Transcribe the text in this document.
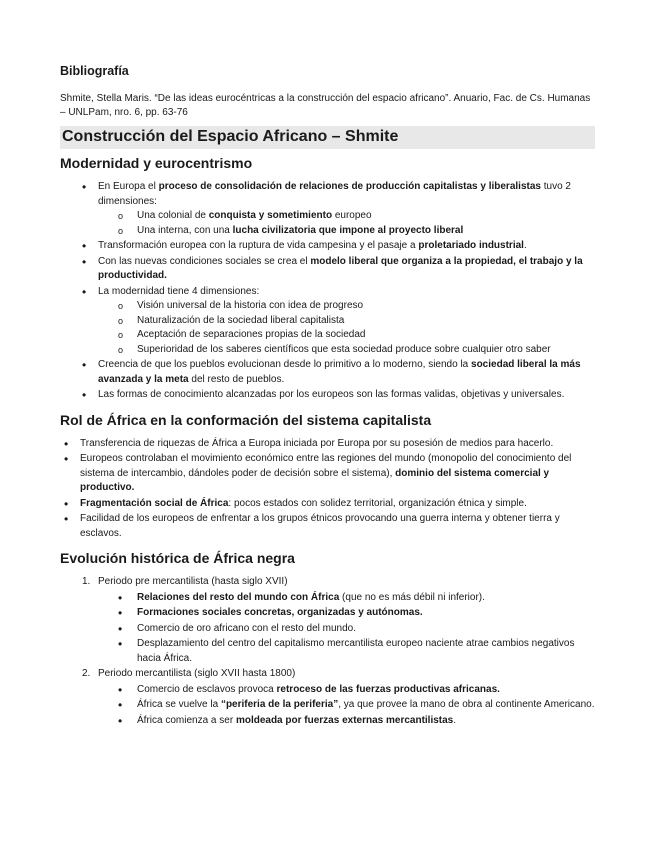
Bibliografía
Shmite, Stella Maris. “De las ideas eurocéntricas a la construcción del espacio africano”. Anuario, Fac. de Cs. Humanas – UNLPam, nro. 6, pp. 63-76
Construcción del Espacio Africano – Shmite
Modernidad y eurocentrismo
•
En Europa el proceso de consolidación de relaciones de producción capitalistas y liberalistas tuvo 2 dimensiones:
o Una colonial de conquista y sometimiento europeo
o Una interna, con una lucha civilizatoria que impone al proyecto liberal
•
Transformación europea con la ruptura de vida campesina y el pasaje a proletariado industrial.
•
Con las nuevas condiciones sociales se crea el modelo liberal que organiza a la propiedad, el trabajo y la productividad.
•
La modernidad tiene 4 dimensiones:
o Visión universal de la historia con idea de progreso
o Naturalización de la sociedad liberal capitalista
o Aceptación de separaciones propias de la sociedad
o Superioridad de los saberes científicos que esta sociedad produce sobre cualquier otro saber
•
Creencia de que los pueblos evolucionan desde lo primitivo a lo moderno, siendo la sociedad liberal la más avanzada y la meta del resto de pueblos.
•
Las formas de conocimiento alcanzadas por los europeos son las formas validas, objetivas y universales.
Rol de África en la conformación del sistema capitalista
•
Transferencia de riquezas de África a Europa iniciada por Europa por su posesión de medios para hacerlo.
•
Europeos controlaban el movimiento económico entre las regiones del mundo (monopolio del conocimiento del sistema de intercambio, dándoles poder de decisión sobre el sistema), dominio del sistema comercial y productivo.
•
Fragmentación social de África: pocos estados con solidez territorial, organización étnica y simple.
•
Facilidad de los europeos de enfrentar a los grupos étnicos provocando una guerra interna y obtener tierra y esclavos.
Evolución histórica de África negra
1. Periodo pre mercantilista (hasta siglo XVII)
•
Relaciones del resto del mundo con África (que no es más débil ni inferior).
•
Formaciones sociales concretas, organizadas y autónomas.
•
Comercio de oro africano con el resto del mundo.
•
Desplazamiento del centro del capitalismo mercantilista europeo naciente atrae cambios negativos hacia África.
2. Periodo mercantilista (siglo XVII hasta 1800)
•
Comercio de esclavos provoca retroceso de las fuerzas productivas africanas.
•
África se vuelve la “periferia de la periferia”, ya que provee la mano de obra al continente Americano.
•
África comienza a ser moldeada por fuerzas externas mercantilistas.
